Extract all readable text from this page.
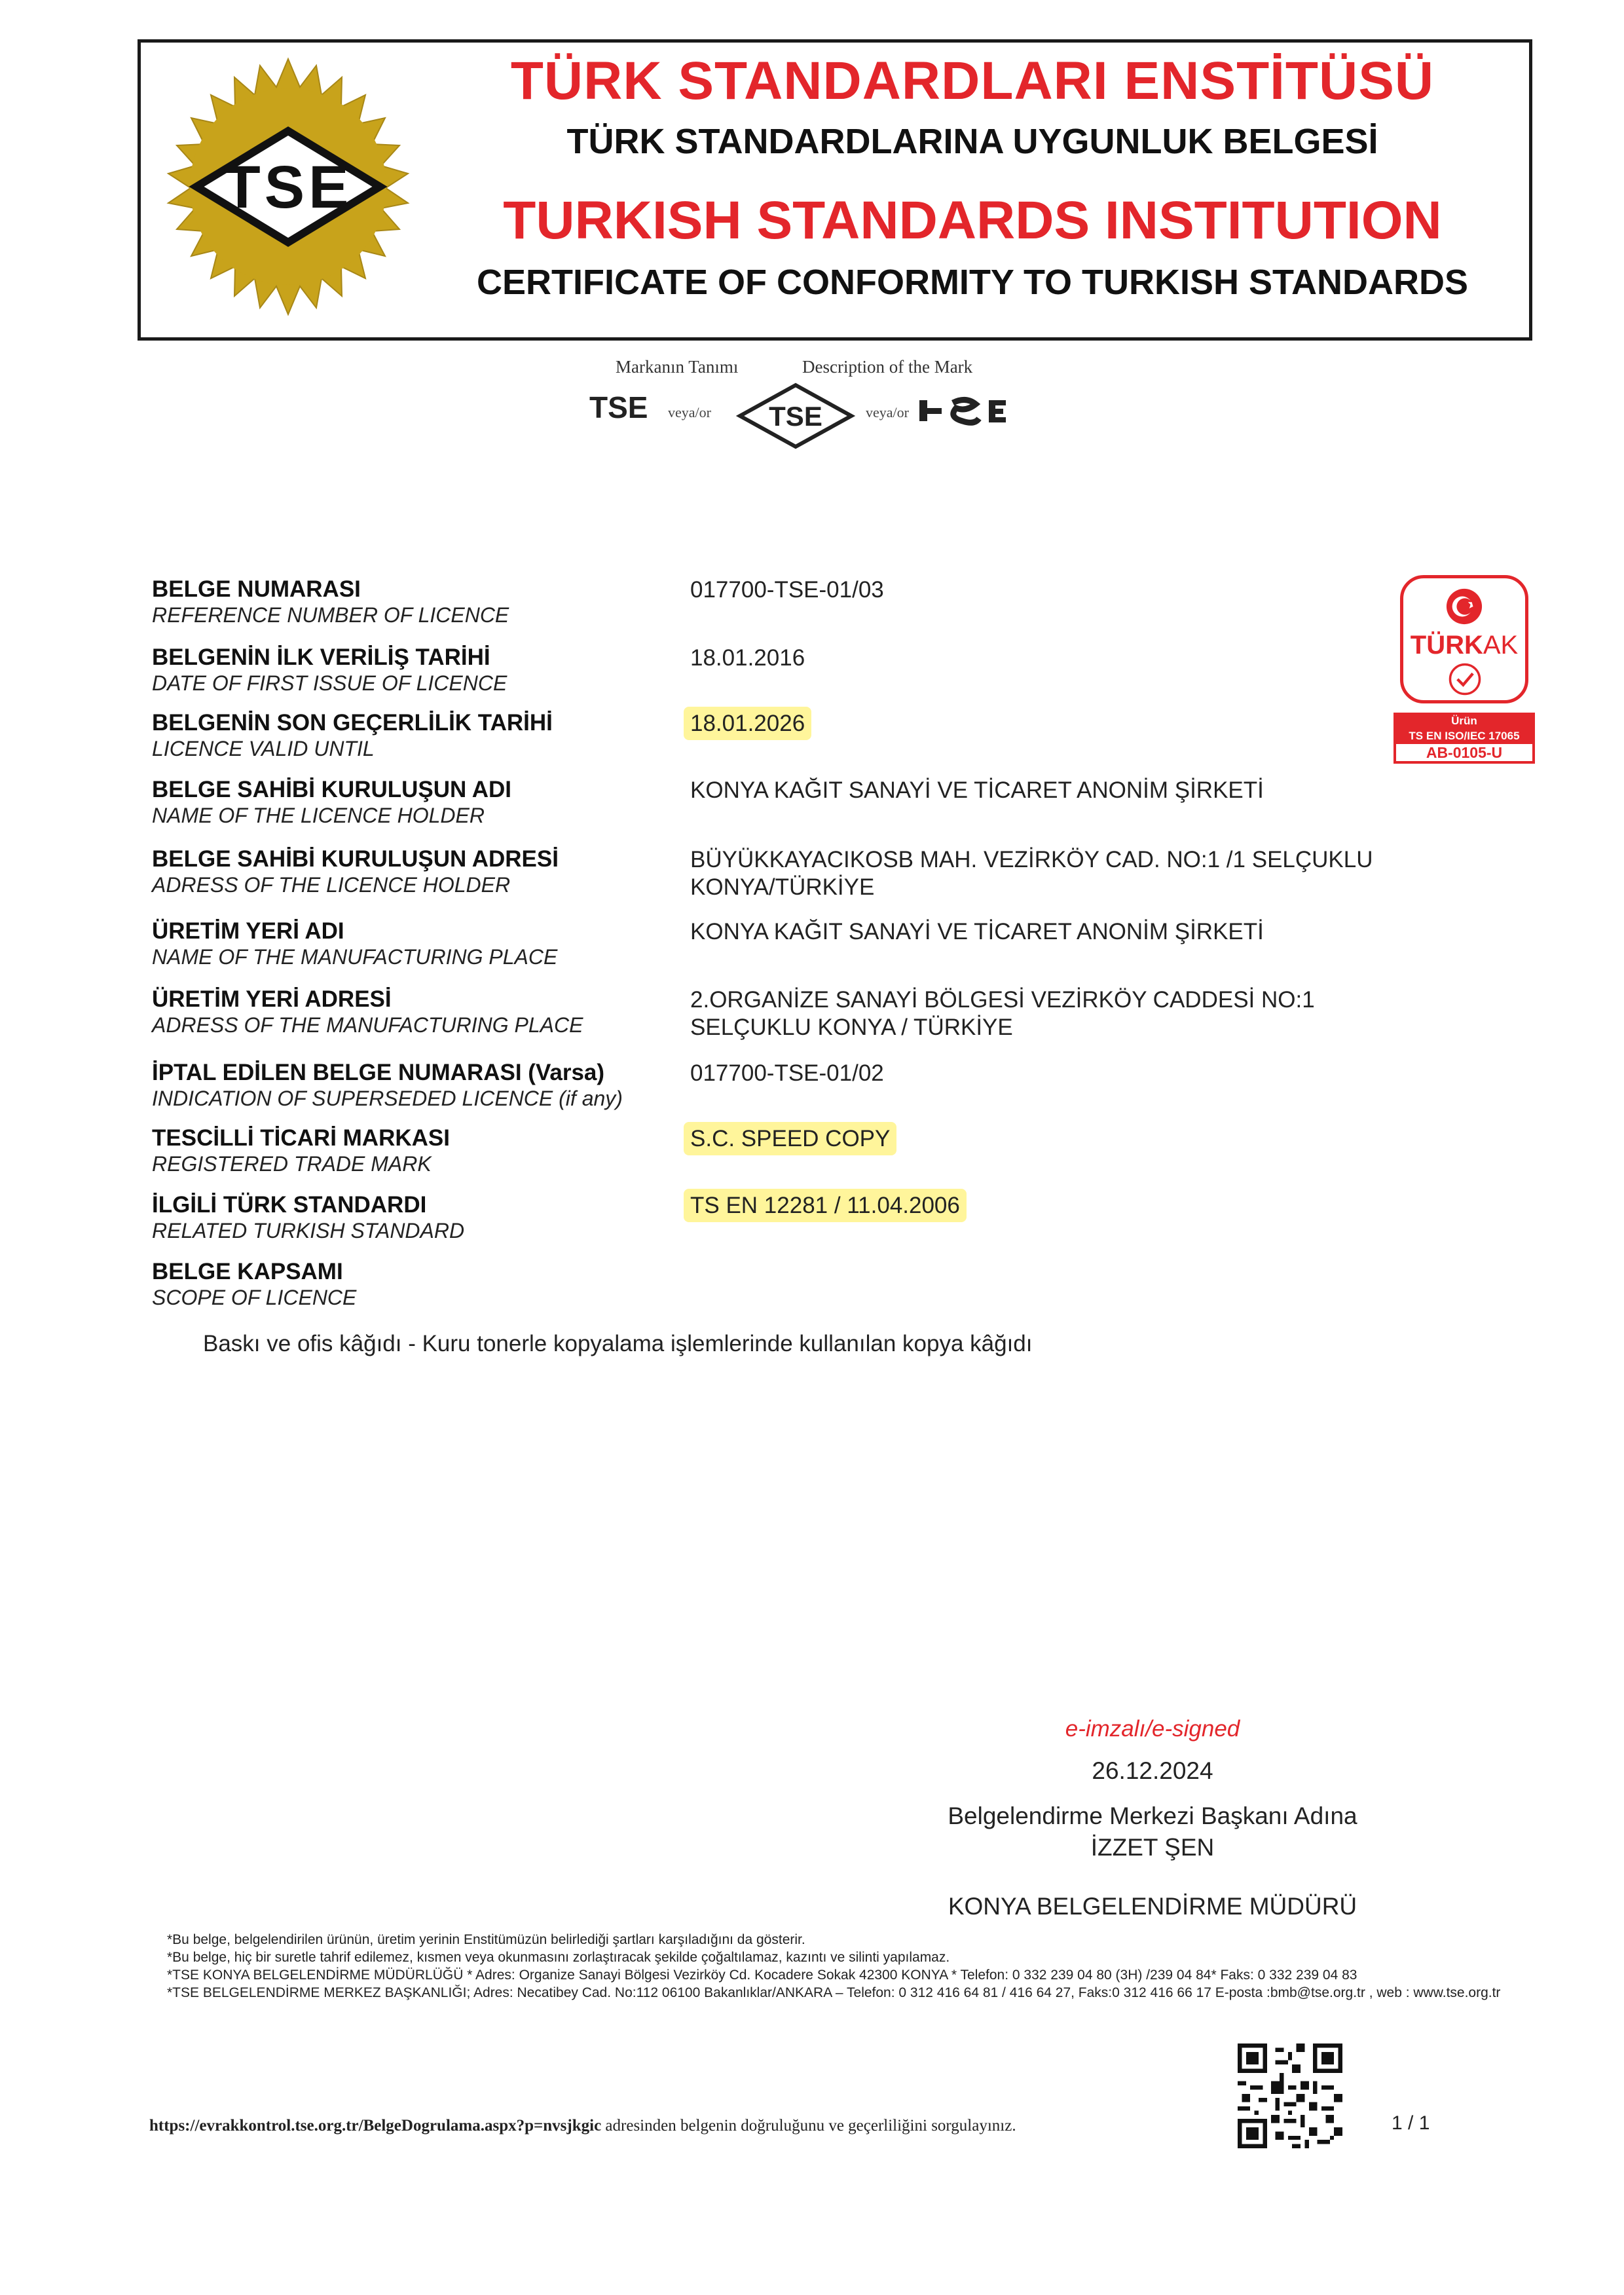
TSE
TÜRK STANDARDLARI ENSTİTÜSÜ
TÜRK STANDARDLARINA UYGUNLUK BELGESİ
TURKISH STANDARDS INSTITUTION
CERTIFICATE OF CONFORMITY TO TURKISH STANDARDS
Markanın Tanımı	Description of the Mark
TSE veya/or TSE	veya/or
TÜRKAK
Ürün
TS EN ISO/IEC 17065
AB-0105-U
BELGE NUMARASI
REFERENCE NUMBER OF LICENCE
017700-TSE-01/03
BELGENİN İLK VERİLİŞ TARİHİ
DATE OF FIRST ISSUE OF LICENCE
18.01.2016
BELGENİN SON GEÇERLİLİK TARİHİ
LICENCE VALID UNTIL
18.01.2026
BELGE SAHİBİ KURULUŞUN ADI
NAME OF THE LICENCE HOLDER
KONYA KAĞIT SANAYİ VE TİCARET ANONİM ŞİRKETİ
BELGE SAHİBİ KURULUŞUN ADRESİ
ADRESS OF THE LICENCE HOLDER
BÜYÜKKAYACIKOSB MAH. VEZİRKÖY CAD. NO:1 /1 SELÇUKLU
KONYA/TÜRKİYE
ÜRETİM YERİ ADI
NAME OF THE MANUFACTURING PLACE
KONYA KAĞIT SANAYİ VE TİCARET ANONİM ŞİRKETİ
ÜRETİM YERİ ADRESİ
ADRESS OF THE MANUFACTURING PLACE
2.ORGANİZE SANAYİ BÖLGESİ VEZİRKÖY CADDESİ NO:1
SELÇUKLU KONYA / TÜRKİYE
İPTAL EDİLEN BELGE NUMARASI (Varsa)
INDICATION OF SUPERSEDED LICENCE (if any)
017700-TSE-01/02
TESCİLLİ TİCARİ MARKASI
REGISTERED TRADE MARK
S.C. SPEED COPY
İLGİLİ TÜRK STANDARDI
RELATED TURKISH STANDARD
TS EN 12281 / 11.04.2006
BELGE KAPSAMI
SCOPE OF LICENCE
Baskı ve ofis kâğıdı - Kuru tonerle kopyalama işlemlerinde kullanılan kopya kâğıdı
e-imzalı/e-signed
26.12.2024
Belgelendirme Merkezi Başkanı Adına
İZZET ŞEN
KONYA BELGELENDİRME MÜDÜRÜ
*Bu belge, belgelendirilen ürünün, üretim yerinin Enstitümüzün belirlediği şartları karşıladığını da gösterir.
*Bu belge, hiç bir suretle tahrif edilemez, kısmen veya okunmasını zorlaştıracak şekilde çoğaltılamaz, kazıntı ve silinti yapılamaz.
*TSE KONYA BELGELENDİRME MÜDÜRLÜĞÜ * Adres: Organize Sanayi Bölgesi Vezirköy Cd. Kocadere Sokak 42300 KONYA * Telefon: 0 332 239 04 80 (3H) /239 04 84* Faks: 0 332 239 04 83
*TSE BELGELENDİRME MERKEZ BAŞKANLIĞI; Adres: Necatibey Cad. No:112 06100 Bakanlıklar/ANKARA – Telefon: 0 312 416 64 81 / 416 64 27, Faks:0 312 416 66 17 E-posta :bmb@tse.org.tr , web : www.tse.org.tr
https://evrakkontrol.tse.org.tr/BelgeDogrulama.aspx?p=nvsjkgic adresinden belgenin doğruluğunu ve geçerliliğini sorgulayınız.	1 / 1
